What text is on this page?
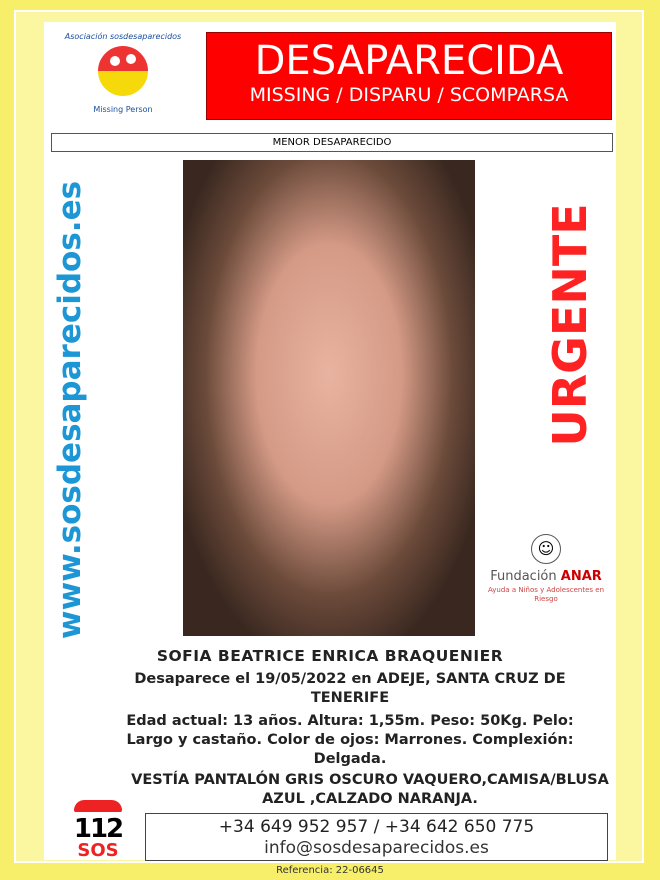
Asociación sosdesaparecidos
Missing Person
DESAPARECIDA
MISSING / DISPARU / SCOMPARSA
MENOR DESAPARECIDO
www.sosdesaparecidos.es	URGENTE
☺
Fundación ANAR
Ayuda a Niños y Adolescentes en Riesgo
SOFIA BEATRICE ENRICA BRAQUENIER
Desaparece el 19/05/2022 en ADEJE, SANTA CRUZ DE TENERIFE
Edad actual: 13 años. Altura: 1,55m. Peso: 50Kg. Pelo: Largo y castaño. Color de ojos: Marrones. Complexión: Delgada.
VESTÍA PANTALÓN GRIS OSCURO VAQUERO,CAMISA/BLUSA AZUL ,CALZADO NARANJA.
+34 649 952 957 / +34 642 650 775
info@sosdesaparecidos.es
112
SOS
Referencia: 22-06645
